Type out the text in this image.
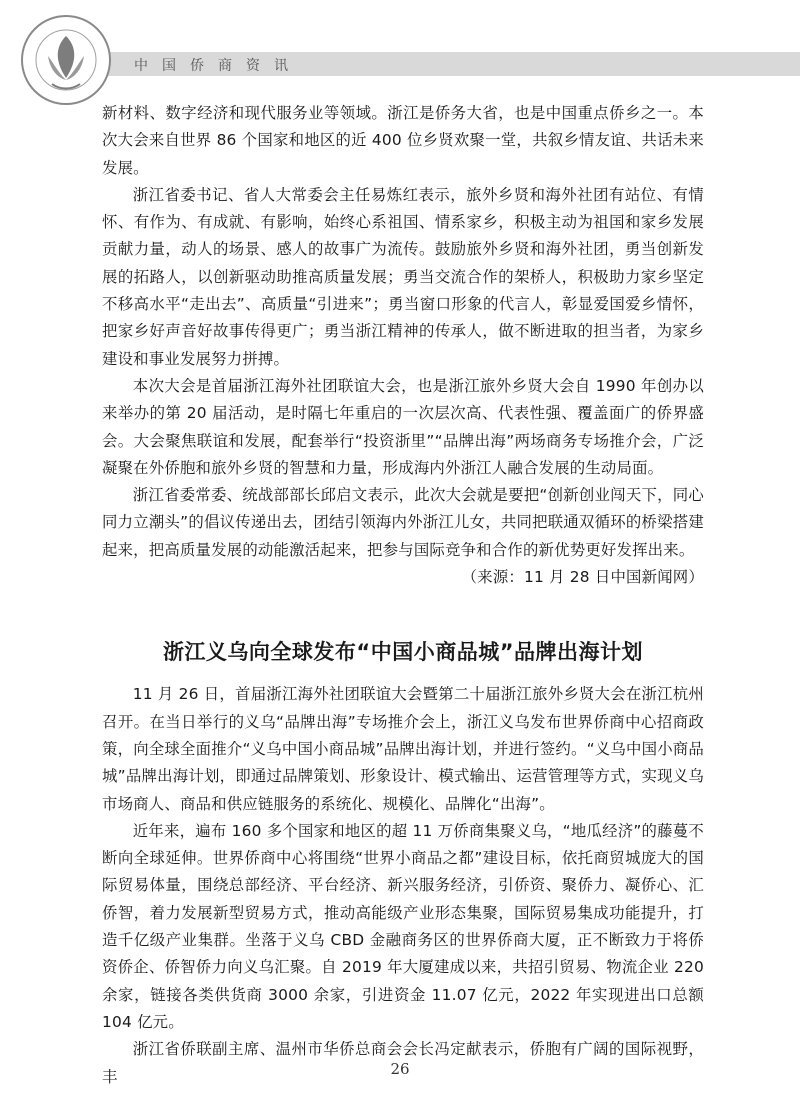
中国侨商资讯

新材料、数字经济和现代服务业等领域。浙江是侨务大省，也是中国重点侨乡之一。本次大会来自世界 86 个国家和地区的近 400 位乡贤欢聚一堂，共叙乡情友谊、共话未来发展。

浙江省委书记、省人大常委会主任易炼红表示，旅外乡贤和海外社团有站位、有情怀、有作为、有成就、有影响，始终心系祖国、情系家乡，积极主动为祖国和家乡发展贡献力量，动人的场景、感人的故事广为流传。鼓励旅外乡贤和海外社团，勇当创新发展的拓路人，以创新驱动助推高质量发展；勇当交流合作的架桥人，积极助力家乡坚定不移高水平“走出去”、高质量“引进来”；勇当窗口形象的代言人，彰显爱国爱乡情怀，把家乡好声音好故事传得更广；勇当浙江精神的传承人，做不断进取的担当者，为家乡建设和事业发展努力拼搏。

本次大会是首届浙江海外社团联谊大会，也是浙江旅外乡贤大会自 1990 年创办以来举办的第 20 届活动，是时隔七年重启的一次层次高、代表性强、覆盖面广的侨界盛会。大会聚焦联谊和发展，配套举行“投资浙里”“品牌出海”两场商务专场推介会，广泛凝聚在外侨胞和旅外乡贤的智慧和力量，形成海内外浙江人融合发展的生动局面。

浙江省委常委、统战部部长邱启文表示，此次大会就是要把“创新创业闯天下，同心同力立潮头”的倡议传递出去，团结引领海内外浙江儿女，共同把联通双循环的桥梁搭建起来，把高质量发展的动能激活起来，把参与国际竞争和合作的新优势更好发挥出来。

（来源：11 月 28 日中国新闻网）

浙江义乌向全球发布“中国小商品城”品牌出海计划

11 月 26 日，首届浙江海外社团联谊大会暨第二十届浙江旅外乡贤大会在浙江杭州召开。在当日举行的义乌“品牌出海”专场推介会上，浙江义乌发布世界侨商中心招商政策，向全球全面推介“义乌中国小商品城”品牌出海计划，并进行签约。“义乌中国小商品城”品牌出海计划，即通过品牌策划、形象设计、模式输出、运营管理等方式，实现义乌市场商人、商品和供应链服务的系统化、规模化、品牌化“出海”。

近年来，遍布 160 多个国家和地区的超 11 万侨商集聚义乌，“地瓜经济”的藤蔓不断向全球延伸。世界侨商中心将围绕“世界小商品之都”建设目标，依托商贸城庞大的国际贸易体量，围绕总部经济、平台经济、新兴服务经济，引侨资、聚侨力、凝侨心、汇侨智，着力发展新型贸易方式，推动高能级产业形态集聚，国际贸易集成功能提升，打造千亿级产业集群。坐落于义乌 CBD 金融商务区的世界侨商大厦，正不断致力于将侨资侨企、侨智侨力向义乌汇聚。自 2019 年大厦建成以来，共招引贸易、物流企业 220 余家，链接各类供货商 3000 余家，引进资金 11.07 亿元，2022 年实现进出口总额 104 亿元。

浙江省侨联副主席、温州市华侨总商会会长冯定献表示，侨胞有广阔的国际视野，丰	26
